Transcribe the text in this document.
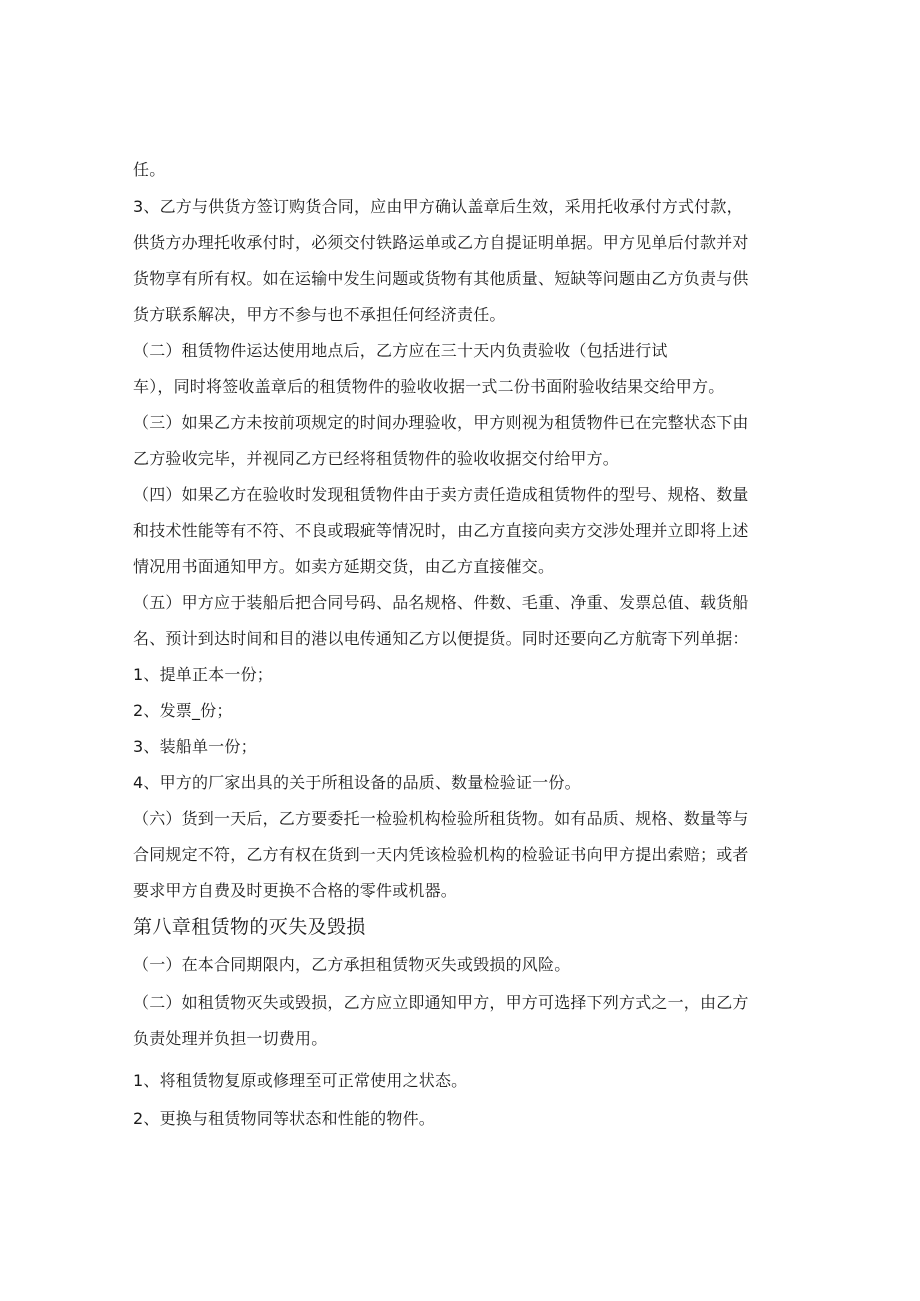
任。
3、乙方与供货方签订购货合同，应由甲方确认盖章后生效，采用托收承付方式付款，
供货方办理托收承付时，必须交付铁路运单或乙方自提证明单据。甲方见单后付款并对
货物享有所有权。如在运输中发生问题或货物有其他质量、短缺等问题由乙方负责与供
货方联系解决，甲方不参与也不承担任何经济责任。
（二）租赁物件运达使用地点后，乙方应在三十天内负责验收（包括进行试
车），同时将签收盖章后的租赁物件的验收收据一式二份书面附验收结果交给甲方。
（三）如果乙方未按前项规定的时间办理验收，甲方则视为租赁物件已在完整状态下由
乙方验收完毕，并视同乙方已经将租赁物件的验收收据交付给甲方。
（四）如果乙方在验收时发现租赁物件由于卖方责任造成租赁物件的型号、规格、数量
和技术性能等有不符、不良或瑕疵等情况时，由乙方直接向卖方交涉处理并立即将上述
情况用书面通知甲方。如卖方延期交货，由乙方直接催交。
（五）甲方应于装船后把合同号码、品名规格、件数、毛重、净重、发票总值、载货船
名、预计到达时间和目的港以电传通知乙方以便提货。同时还要向乙方航寄下列单据：
1、提单正本一份；
2、发票_份；
3、装船单一份；
4、甲方的厂家出具的关于所租设备的品质、数量检验证一份。
（六）货到一天后，乙方要委托一检验机构检验所租货物。如有品质、规格、数量等与
合同规定不符，乙方有权在货到一天内凭该检验机构的检验证书向甲方提出索赔；或者
要求甲方自费及时更换不合格的零件或机器。
第八章租赁物的灭失及毁损
（一）在本合同期限内，乙方承担租赁物灭失或毁损的风险。
（二）如租赁物灭失或毁损，乙方应立即通知甲方，甲方可选择下列方式之一，由乙方
负责处理并负担一切费用。
1、将租赁物复原或修理至可正常使用之状态。
2、更换与租赁物同等状态和性能的物件。
